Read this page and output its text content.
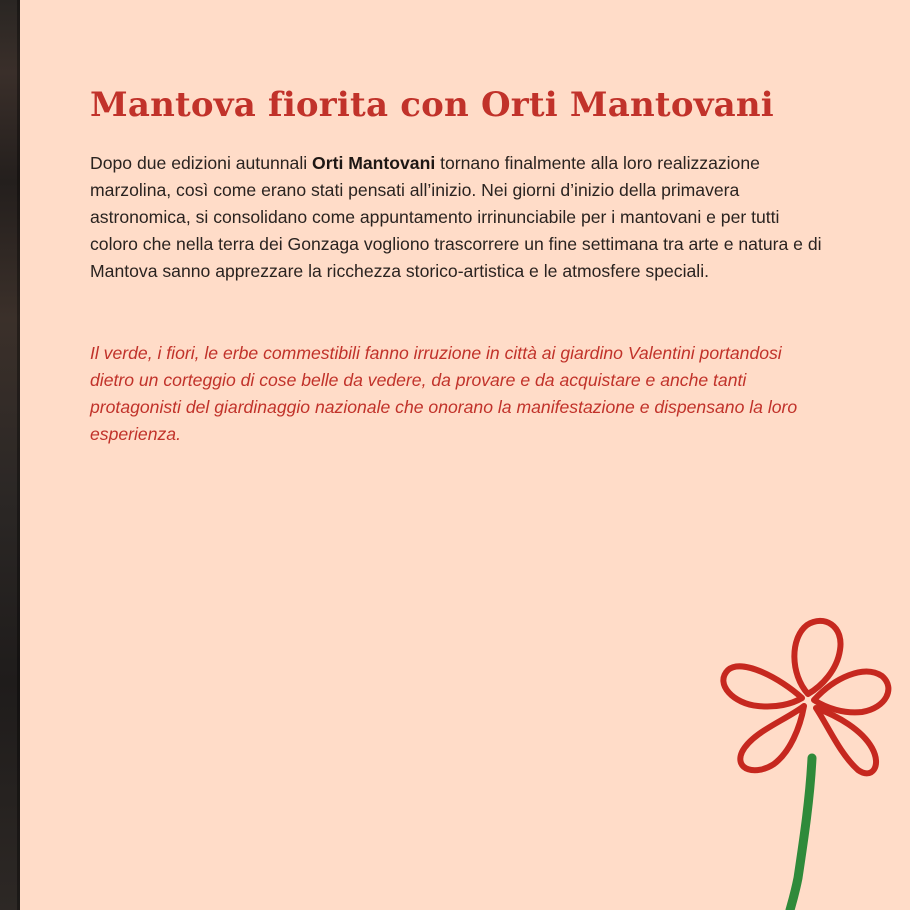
Mantova fiorita con Orti Mantovani

Dopo due edizioni autunnali Orti Mantovani tornano finalmente alla loro realizzazione marzolina, così come erano stati pensati all’inizio. Nei giorni d’inizio della primavera astronomica, si consolidano come appuntamento irrinunciabile per i mantovani e per tutti coloro che nella terra dei Gonzaga vogliono trascorrere un fine settimana tra arte e natura e di Mantova sanno apprezzare la ricchezza storico-artistica e le atmosfere speciali.

Il verde, i fiori, le erbe commestibili fanno irruzione in città ai giardino Valentini portandosi dietro un corteggio di cose belle da vedere, da provare e da acquistare e anche tanti protagonisti del giardinaggio nazionale che onorano la manifestazione e dispensano la loro esperienza.
